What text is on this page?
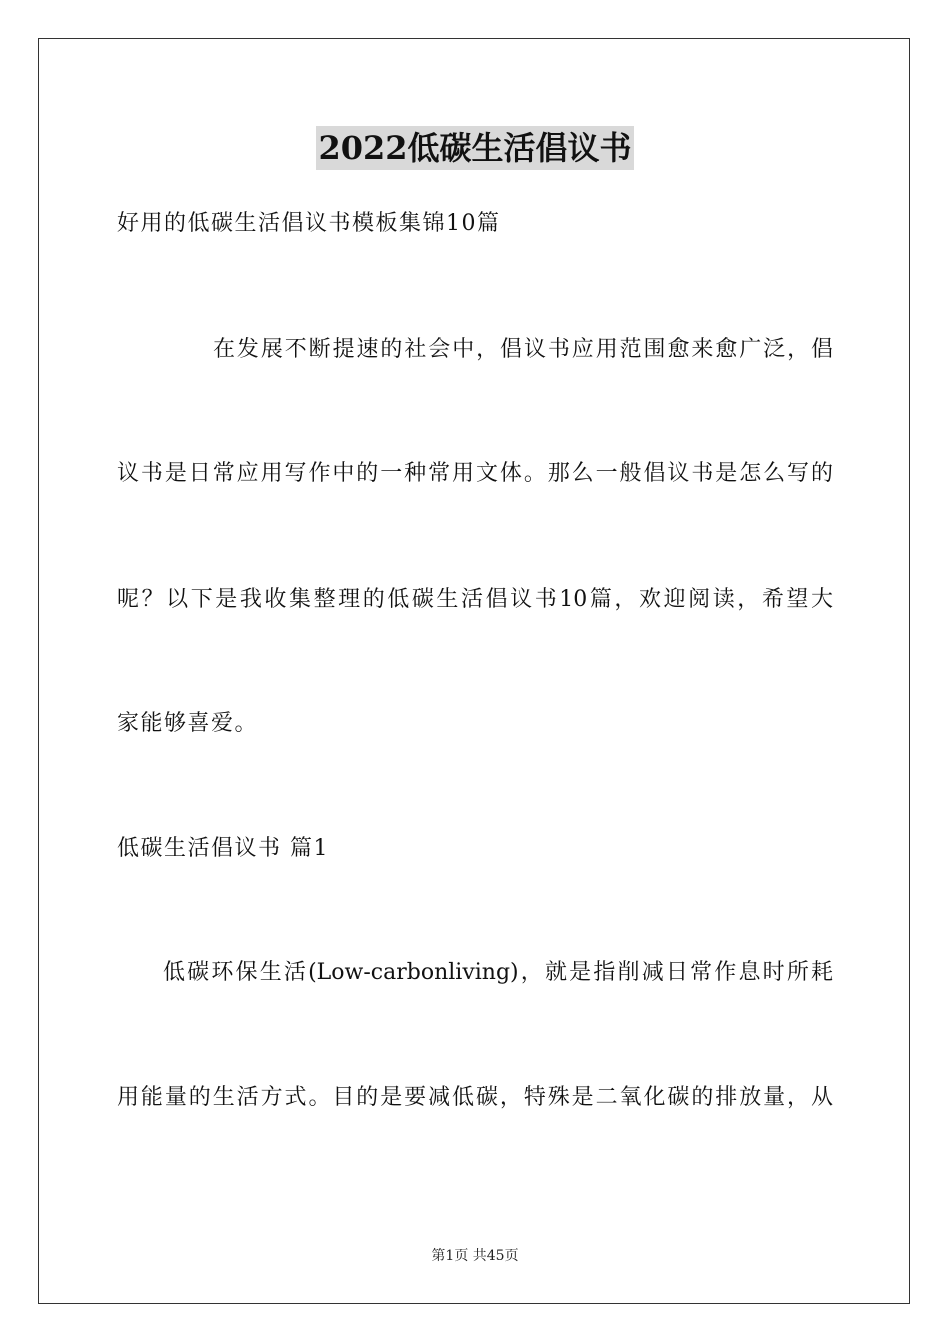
2022低碳生活倡议书
好用的低碳生活倡议书模板集锦10篇
在发展不断提速的社会中，倡议书应用范围愈来愈广泛，倡
议书是日常应用写作中的一种常用文体。那么一般倡议书是怎么写的
呢？以下是我收集整理的低碳生活倡议书10篇，欢迎阅读，希望大
家能够喜爱。
低碳生活倡议书 篇1
低碳环保生活(Low-carbonliving)，就是指削减日常作息时所耗
用能量的生活方式。目的是要减低碳，特殊是二氧化碳的排放量，从
第1页 共45页
